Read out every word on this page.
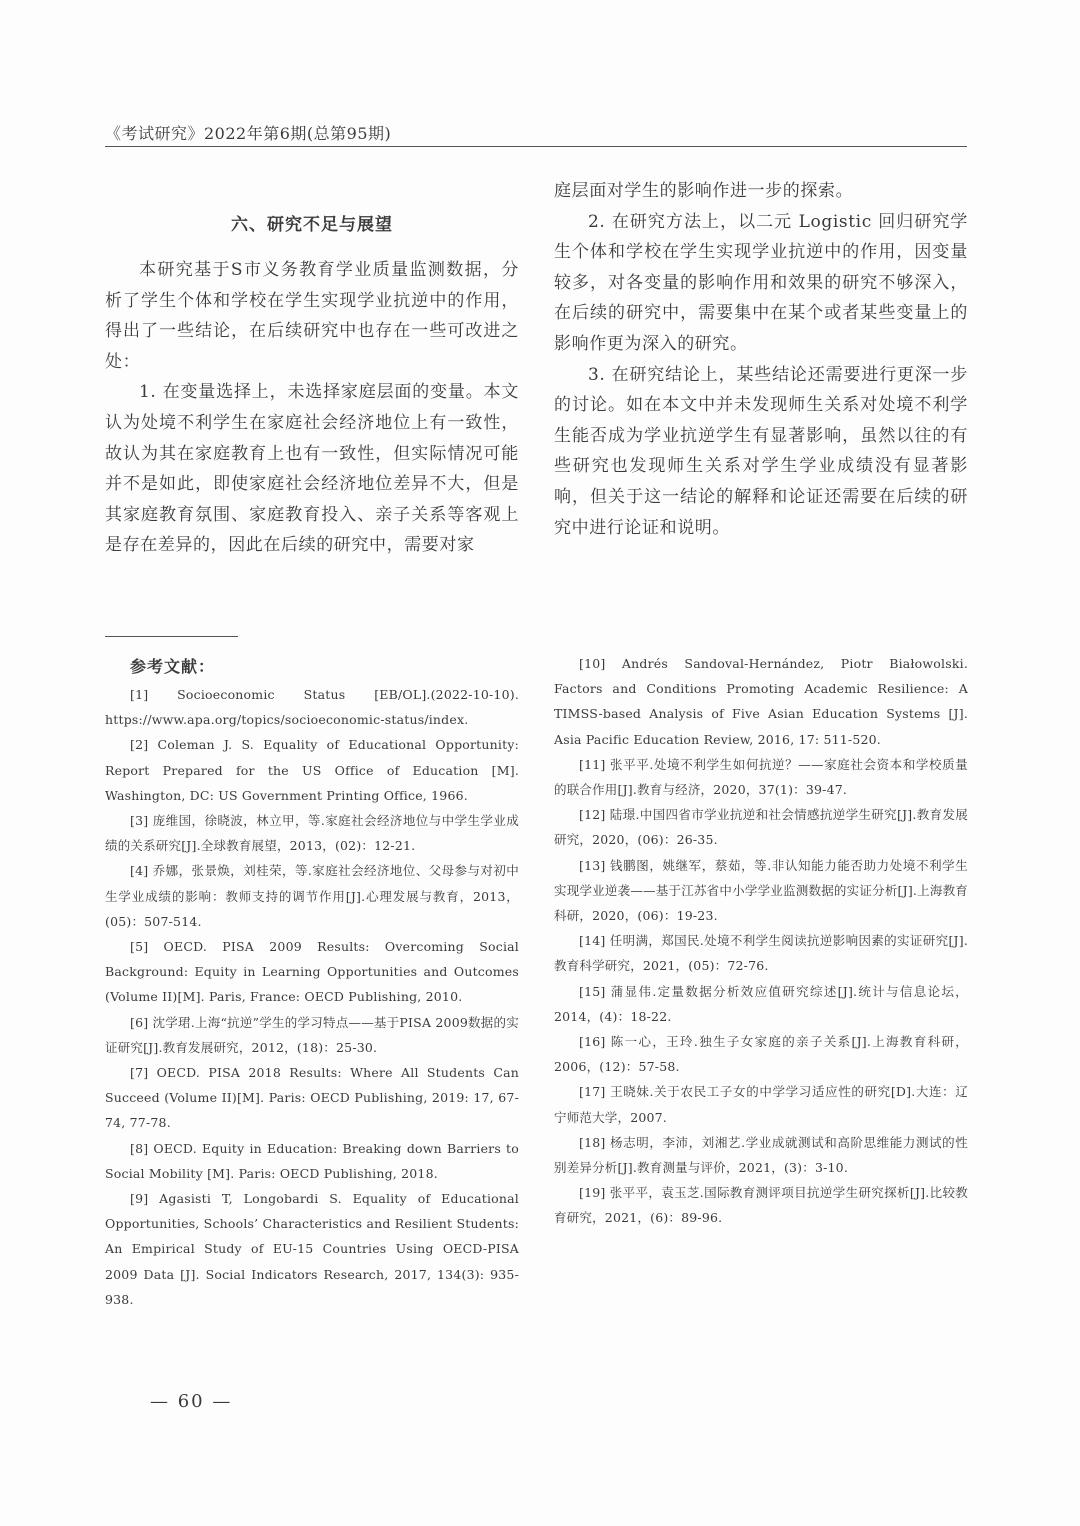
《考试研究》2022年第6期(总第95期)
六、研究不足与展望

本研究基于S市义务教育学业质量监测数据，分析了学生个体和学校在学生实现学业抗逆中的作用，得出了一些结论，在后续研究中也存在一些可改进之处：

1. 在变量选择上，未选择家庭层面的变量。本文认为处境不利学生在家庭社会经济地位上有一致性，故认为其在家庭教育上也有一致性，但实际情况可能并不是如此，即使家庭社会经济地位差异不大，但是其家庭教育氛围、家庭教育投入、亲子关系等客观上是存在差异的，因此在后续的研究中，需要对家

庭层面对学生的影响作进一步的探索。

2. 在研究方法上，以二元 Logistic 回归研究学生个体和学校在学生实现学业抗逆中的作用，因变量较多，对各变量的影响作用和效果的研究不够深入，在后续的研究中，需要集中在某个或者某些变量上的影响作更为深入的研究。

3. 在研究结论上，某些结论还需要进行更深一步的讨论。如在本文中并未发现师生关系对处境不利学生能否成为学业抗逆学生有显著影响，虽然以往的有些研究也发现师生关系对学生学业成绩没有显著影响，但关于这一结论的解释和论证还需要在后续的研究中进行论证和说明。

参考文献：

[1] Socioeconomic Status [EB/OL].(2022-10-10). https://www.apa.org/topics/socioeconomic-status/index.

[2] Coleman J. S. Equality of Educational Opportunity: Report Prepared for the US Office of Education [M]. Washington, DC: US Government Printing Office, 1966.

[3] 庞维国，徐晓波，林立甲，等.家庭社会经济地位与中学生学业成绩的关系研究[J].全球教育展望，2013，(02)：12-21.

[4] 乔娜，张景焕，刘桂荣，等.家庭社会经济地位、父母参与对初中生学业成绩的影响：教师支持的调节作用[J].心理发展与教育，2013，(05)：507-514.

[5] OECD. PISA 2009 Results: Overcoming Social Background: Equity in Learning Opportunities and Outcomes (Volume II)[M]. Paris, France: OECD Publishing, 2010.

[6] 沈学珺.上海“抗逆”学生的学习特点——基于PISA 2009数据的实证研究[J].教育发展研究，2012，(18)：25-30.

[7] OECD. PISA 2018 Results: Where All Students Can Succeed (Volume II)[M]. Paris: OECD Publishing, 2019: 17, 67-74, 77-78.

[8] OECD. Equity in Education: Breaking down Barriers to Social Mobility [M]. Paris: OECD Publishing, 2018.

[9] Agasisti T, Longobardi S. Equality of Educational Opportunities, Schools’ Characteristics and Resilient Students: An Empirical Study of EU-15 Countries Using OECD-PISA 2009 Data [J]. Social Indicators Research, 2017, 134(3): 935-938.

[10] Andrés Sandoval-Hernández, Piotr Białowolski. Factors and Conditions Promoting Academic Resilience: A TIMSS-based Analysis of Five Asian Education Systems [J]. Asia Pacific Education Review, 2016, 17: 511-520.

[11] 张平平.处境不利学生如何抗逆？——家庭社会资本和学校质量的联合作用[J].教育与经济，2020，37(1)：39-47.

[12] 陆璟.中国四省市学业抗逆和社会情感抗逆学生研究[J].教育发展研究，2020，(06)：26-35.

[13] 钱鹏图，姚继军，蔡茹，等.非认知能力能否助力处境不利学生实现学业逆袭——基于江苏省中小学学业监测数据的实证分析[J].上海教育科研，2020，(06)：19-23.

[14] 任明满，郑国民.处境不利学生阅读抗逆影响因素的实证研究[J].教育科学研究，2021，(05)：72-76.

[15] 蒲显伟.定量数据分析效应值研究综述[J].统计与信息论坛，2014，(4)：18-22.

[16] 陈一心，王玲.独生子女家庭的亲子关系[J].上海教育科研，2006，(12)：57-58.

[17] 王晓妹.关于农民工子女的中学学习适应性的研究[D].大连：辽宁师范大学，2007.

[18] 杨志明，李沛，刘湘艺.学业成就测试和高阶思维能力测试的性别差异分析[J].教育测量与评价，2021，(3)：3-10.

[19] 张平平，袁玉芝.国际教育测评项目抗逆学生研究探析[J].比较教育研究，2021，(6)：89-96.

— 60 —
